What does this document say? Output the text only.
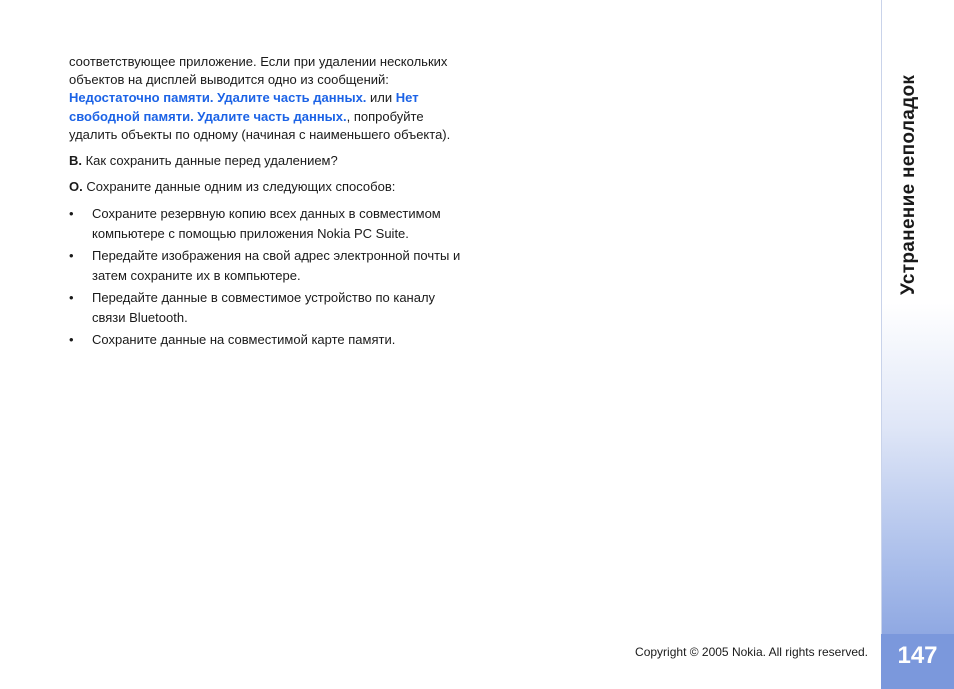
соответствующее приложение. Если при удалении нескольких объектов на дисплей выводится одно из сообщений: Недостаточно памяти. Удалите часть данных. или Нет свободной памяти. Удалите часть данных., попробуйте удалить объекты по одному (начиная с наименьшего объекта).

В. Как сохранить данные перед удалением?

О. Сохраните данные одним из следующих способов:

• Сохраните резервную копию всех данных в совместимом компьютере с помощью приложения Nokia PC Suite.
• Передайте изображения на свой адрес электронной почты и затем сохраните их в компьютере.
• Передайте данные в совместимое устройство по каналу связи Bluetooth.
• Сохраните данные на совместимой карте памяти.
Устранение неполадок
147
Copyright © 2005 Nokia. All rights reserved.
